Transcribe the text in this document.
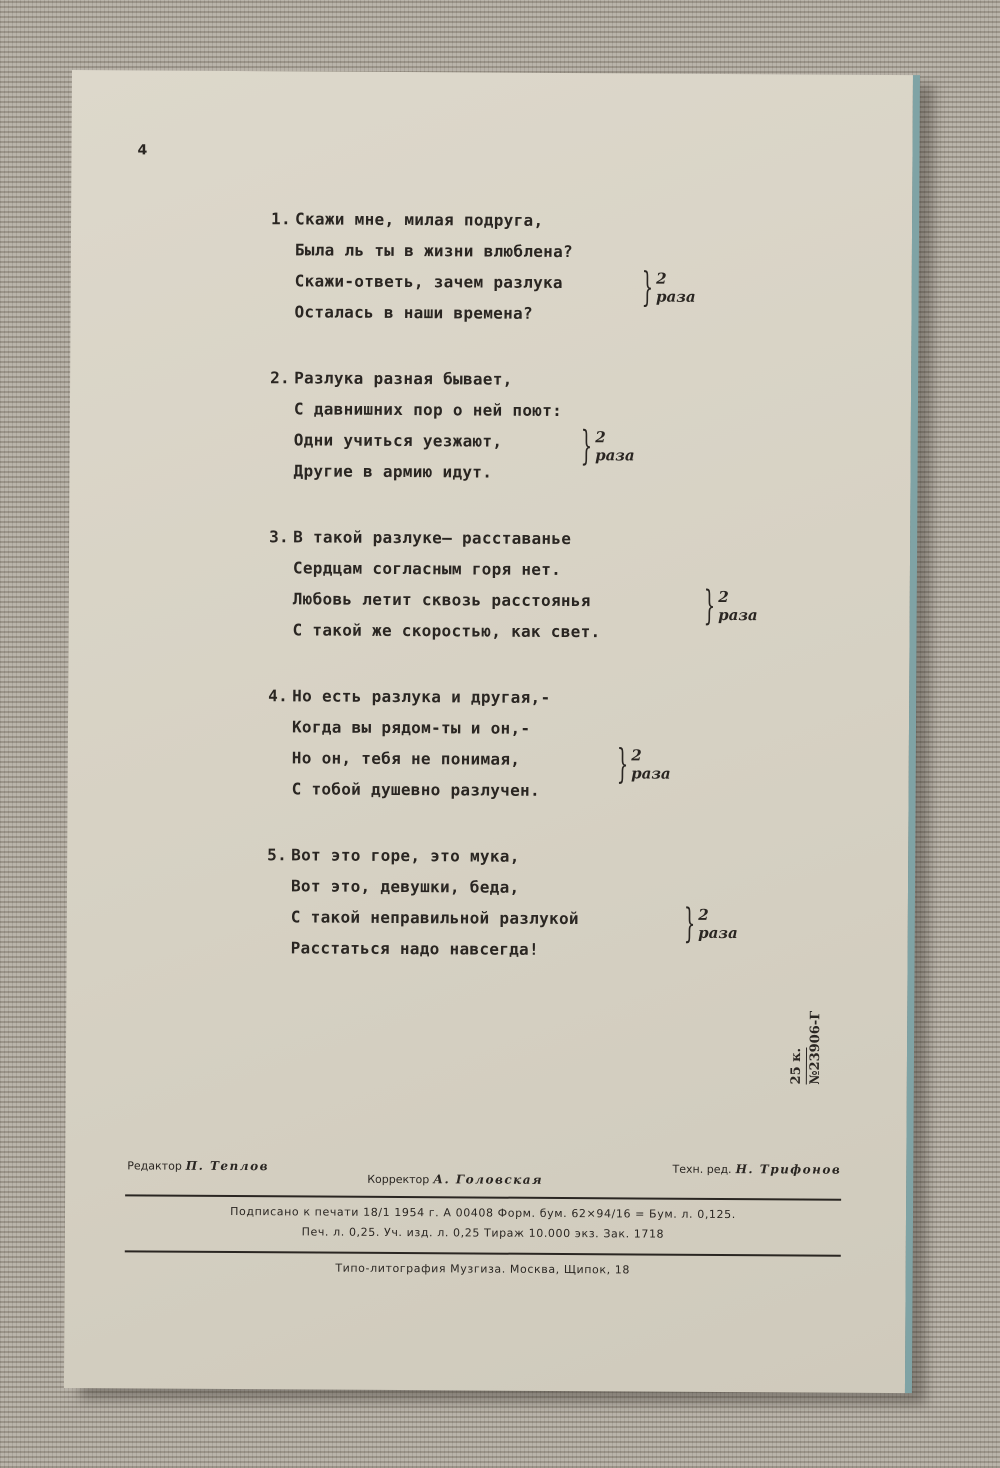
4
1. Скажи мне, милая подруга,
Была ль ты в жизни влюблена?
Скажи-ответь, зачем разлука
Осталась в наши времена?
} 2 раза
2. Разлука разная бывает,
С давнишних пор о ней поют:
Одни учиться уезжают,
Другие в армию идут.
} 2 раза
3. В такой разлуке— расставанье
Сердцам согласным горя нет.
Любовь летит сквозь расстоянья
С такой же скоростью, как свет.
} 2 раза
4. Но есть разлука и другая,-
Когда вы рядом-ты и он,-
Но он, тебя не понимая,
С тобой душевно разлучен.
} 2 раза
5. Вот это горе, это мука,
Вот это, девушки, беда,
С такой неправильной разлукой
Расстаться надо навсегда!
} 2 раза
25 к. №23906-Г
Редактор П. Теплов
Корректор А. Головская
Техн. ред. Н. Трифонов
Подписано к печати 18/1 1954 г. А 00408 Форм. бум. 62×94/16 = Бум. л. 0,125.
Печ. л. 0,25. Уч. изд. л. 0,25 Тираж 10.000 экз. Зак. 1718
Типо-литография Музгиза. Москва, Щипок, 18
